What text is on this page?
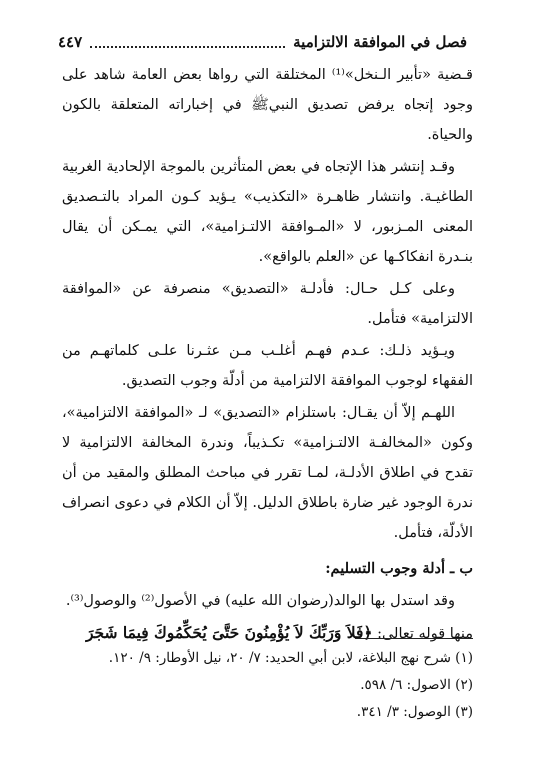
فصل في الموافقة الالتزامية
٤٤٧

قـضية «تأبير الـنخل»⁽¹⁾ المختلقة التي رواها بعض العامة شاهد على وجود إتجاه يرفض تصديق النبيﷺ في إخباراته المتعلقة بالكون والحياة.

وقـد إنتشر هذا الإتجاه في بعض المتأثرين بالموجة الإلحادية الغربية الطاغيـة. وانتشار ظاهـرة «التكذيب» يـؤيد كـون المراد بالتـصديق المعنى المـزبور، لا «المـوافقة الالتـزامية»، التي يمـكن أن يقال بنـدرة انفكاكـها عن «العلم بالواقع».

وعلى كـل حـال: فأدلـة «التصديق» منصرفة عن «الموافقة الالتزامية» فتأمل.

ويـؤيد ذلـك: عـدم فهـم أغلـب مـن عثـرنا علـى كلماتهـم من الفقهاء لوجوب الموافقة الالتزامية من أدلّة وجوب التصديق.

اللهـم إلاّ أن يقـال: باستلزام «التصديق» لـ «الموافقة الالتزامية»، وكون «المخالفـة الالتـزامية» تكـذيباً، وندرة المخالفة الالتزامية لا تقدح في اطلاق الأدلـة، لمـا تقرر في مباحث المطلق والمقيد من أن ندرة الوجود غير ضارة باطلاق الدليل. إلاّ أن الكلام في دعوى انصراف الأدلّة، فتأمل.

ب ـ أدلة وجوب التسليم:

وقد استدل بها الوالد(رضوان الله عليه) في الأصول⁽²⁾ والوصول⁽³⁾.

منها قوله تعالى: ﴿فَلاَ وَرَبِّكَ لاَ يُؤْمِنُونَ حَتَّىَ يُحَكِّمُوكَ فِيمَا شَجَرَ

(١) شرح نهج البلاغة، لابن أبي الحديد: ٧/ ٢٠، نيل الأوطار: ٩/ ١٢٠.
(٢) الاصول: ٦/ ٥٩٨.
(٣) الوصول: ٣/ ٣٤١.
